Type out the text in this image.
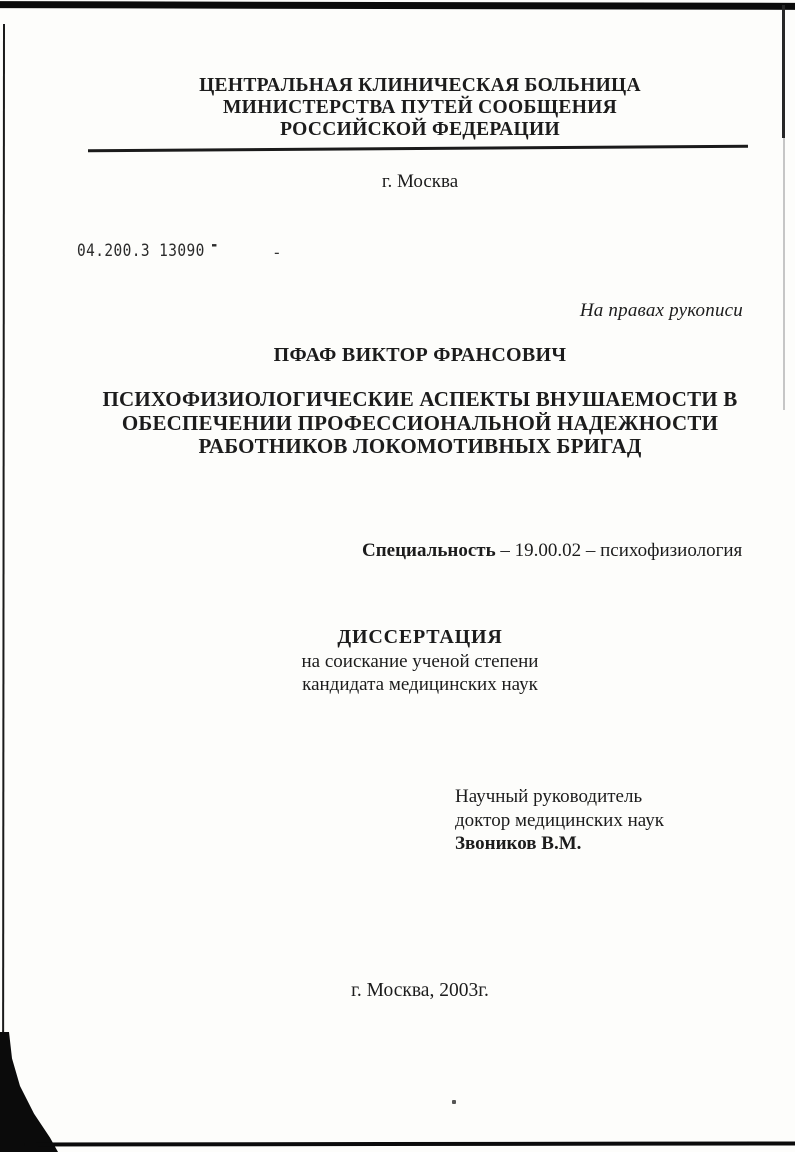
ЦЕНТРАЛЬНАЯ КЛИНИЧЕСКАЯ БОЛЬНИЦА
МИНИСТЕРСТВА ПУТЕЙ СООБЩЕНИЯ
РОССИЙСКОЙ ФЕДЕРАЦИИ
г. Москва
04.200.3 13090 -	-
На правах рукописи
ПФАФ ВИКТОР ФРАНСОВИЧ
ПСИХОФИЗИОЛОГИЧЕСКИЕ АСПЕКТЫ ВНУШАЕМОСТИ В
ОБЕСПЕЧЕНИИ ПРОФЕССИОНАЛЬНОЙ НАДЕЖНОСТИ
РАБОТНИКОВ ЛОКОМОТИВНЫХ БРИГАД
Специальность – 19.00.02 – психофизиология
ДИССЕРТАЦИЯ
на соискание ученой степени
кандидата медицинских наук
Научный руководитель
доктор медицинских наук
Звоников В.М.
г. Москва, 2003г.
